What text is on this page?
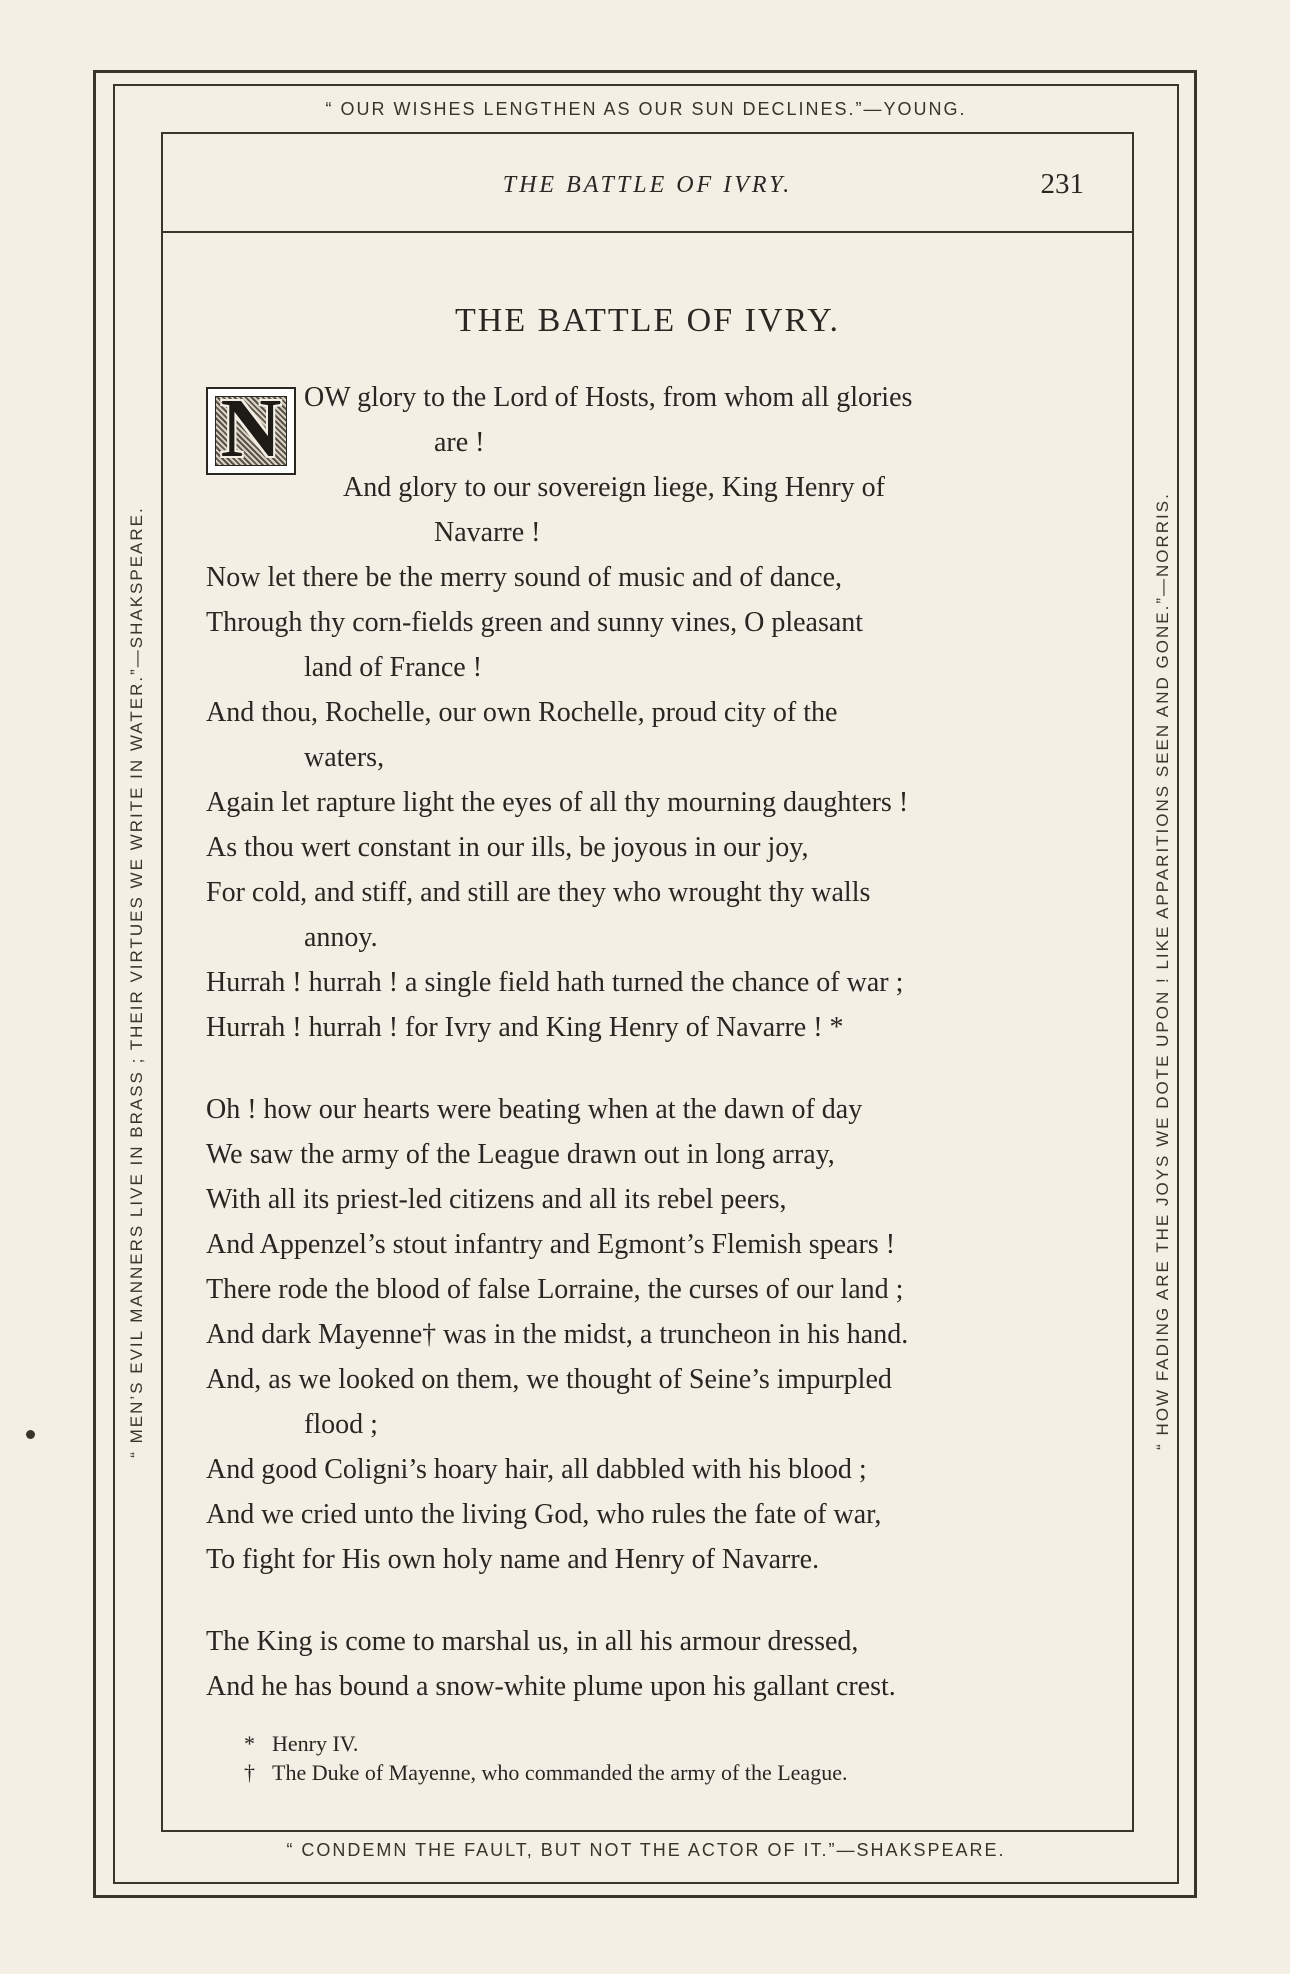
“ OUR WISHES LENGTHEN AS OUR SUN DECLINES.”—YOUNG.
“ CONDEMN THE FAULT, BUT NOT THE ACTOR OF IT.”—SHAKSPEARE.
“ MEN’S EVIL MANNERS LIVE IN BRASS ; THEIR VIRTUES WE WRITE IN WATER.”—SHAKSPEARE.	“ HOW FADING ARE THE JOYS WE DOTE UPON ! LIKE APPARITIONS SEEN AND GONE.”—NORRIS.
THE BATTLE OF IVRY.	231
THE BATTLE OF IVRY.
N OW glory to the Lord of Hosts, from whom all glories
are !
And glory to our sovereign liege, King Henry of
Navarre !
Now let there be the merry sound of music and of dance,
Through thy corn-fields green and sunny vines, O pleasant
land of France !
And thou, Rochelle, our own Rochelle, proud city of the
waters,
Again let rapture light the eyes of all thy mourning daughters !
As thou wert constant in our ills, be joyous in our joy,
For cold, and stiff, and still are they who wrought thy walls
annoy.
Hurrah ! hurrah ! a single field hath turned the chance of war ;
Hurrah ! hurrah ! for Ivry and King Henry of Navarre ! *
Oh ! how our hearts were beating when at the dawn of day
We saw the army of the League drawn out in long array,
With all its priest-led citizens and all its rebel peers,
And Appenzel’s stout infantry and Egmont’s Flemish spears !
There rode the blood of false Lorraine, the curses of our land ;
And dark Mayenne† was in the midst, a truncheon in his hand.
And, as we looked on them, we thought of Seine’s impurpled
flood ;
And good Coligni’s hoary hair, all dabbled with his blood ;
And we cried unto the living God, who rules the fate of war,
To fight for His own holy name and Henry of Navarre.
The King is come to marshal us, in all his armour dressed,
And he has bound a snow-white plume upon his gallant crest.
* Henry IV.
† The Duke of Mayenne, who commanded the army of the League.
